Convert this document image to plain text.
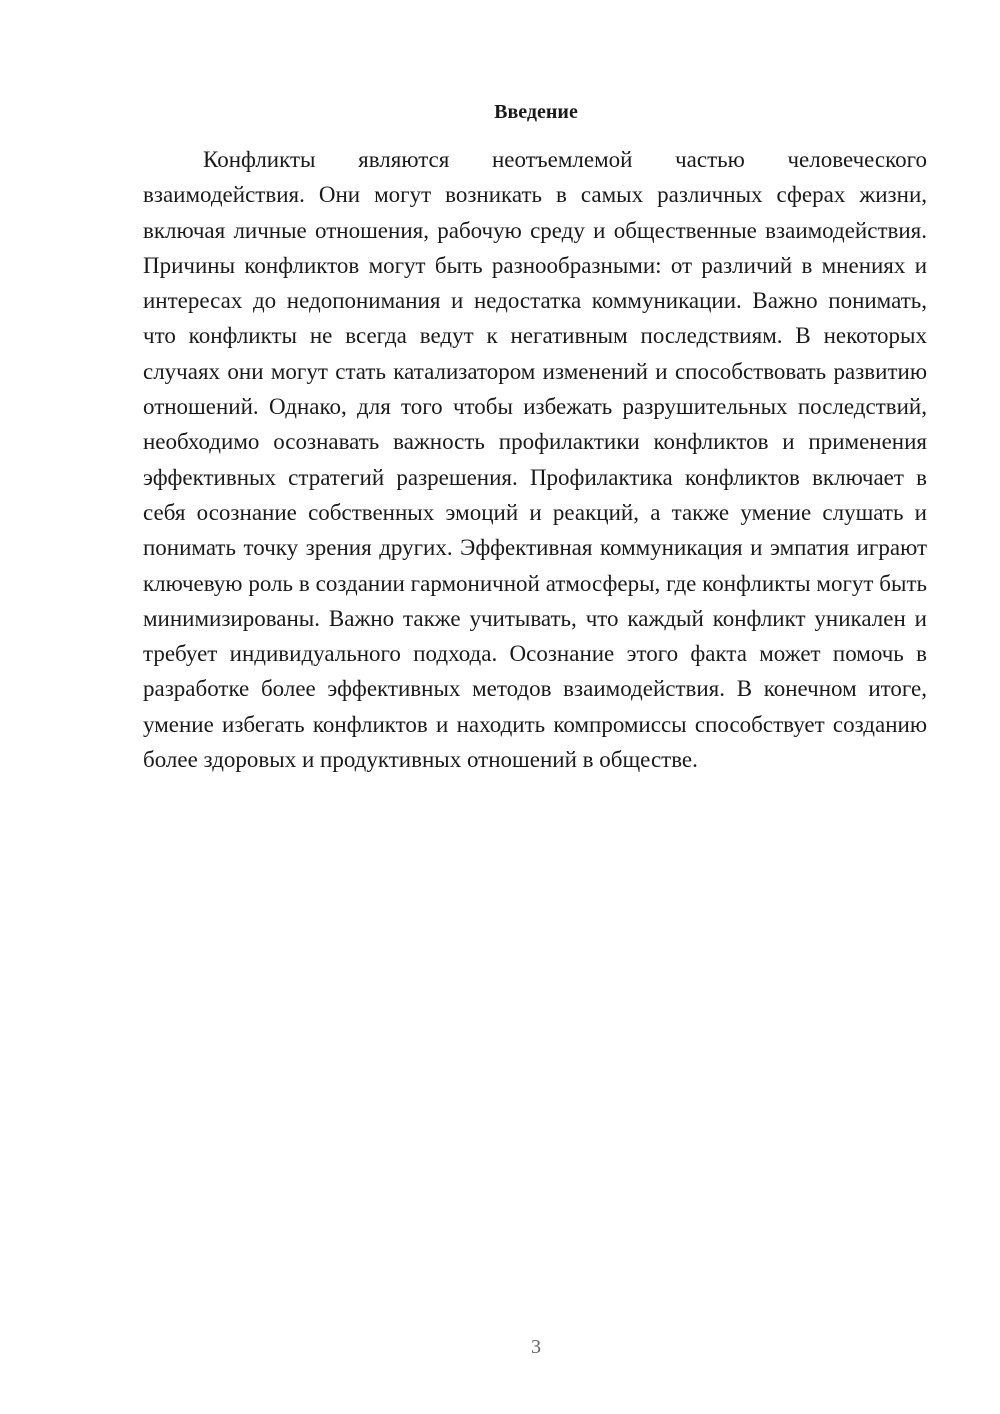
Введение

Конфликты являются неотъемлемой частью человеческого взаимодействия. Они могут возникать в самых различных сферах жизни, включая личные отношения, рабочую среду и общественные взаимодействия. Причины конфликтов могут быть разнообразными: от различий в мнениях и интересах до недопонимания и недостатка коммуникации. Важно понимать, что конфликты не всегда ведут к негативным последствиям. В некоторых случаях они могут стать катализатором изменений и способствовать развитию отношений. Однако, для того чтобы избежать разрушительных последствий, необходимо осознавать важность профилактики конфликтов и применения эффективных стратегий разрешения. Профилактика конфликтов включает в себя осознание собственных эмоций и реакций, а также умение слушать и понимать точку зрения других. Эффективная коммуникация и эмпатия играют ключевую роль в создании гармоничной атмосферы, где конфликты могут быть минимизированы. Важно также учитывать, что каждый конфликт уникален и требует индивидуального подхода. Осознание этого факта может помочь в разработке более эффективных методов взаимодействия. В конечном итоге, умение избегать конфликтов и находить компромиссы способствует созданию более здоровых и продуктивных отношений в обществе.

3
